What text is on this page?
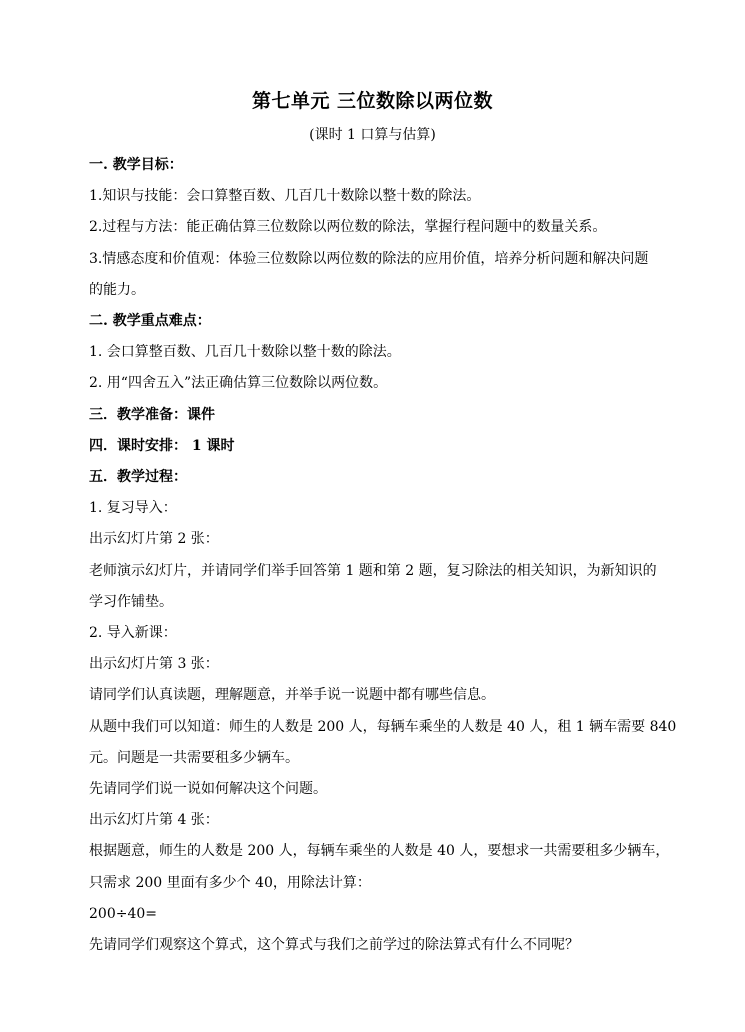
第七单元 三位数除以两位数
(课时 1 口算与估算)
一. 教学目标：
1.知识与技能：会口算整百数、几百几十数除以整十数的除法。
2.过程与方法：能正确估算三位数除以两位数的除法，掌握行程问题中的数量关系。
3.情感态度和价值观：体验三位数除以两位数的除法的应用价值，培养分析问题和解决问题
的能力。
二. 教学重点难点：
1. 会口算整百数、几百几十数除以整十数的除法。
2. 用“四舍五入”法正确估算三位数除以两位数。
三．教学准备：课件
四．课时安排： 1 课时
五．教学过程：
1. 复习导入：
出示幻灯片第 2 张：
老师演示幻灯片，并请同学们举手回答第 1 题和第 2 题，复习除法的相关知识，为新知识的
学习作铺垫。
2. 导入新课：
出示幻灯片第 3 张：
请同学们认真读题，理解题意，并举手说一说题中都有哪些信息。
从题中我们可以知道：师生的人数是 200 人，每辆车乘坐的人数是 40 人，租 1 辆车需要 840
元。问题是一共需要租多少辆车。
先请同学们说一说如何解决这个问题。
出示幻灯片第 4 张：
根据题意，师生的人数是 200 人，每辆车乘坐的人数是 40 人，要想求一共需要租多少辆车，
只需求 200 里面有多少个 40，用除法计算：
200÷40=
先请同学们观察这个算式，这个算式与我们之前学过的除法算式有什么不同呢？
